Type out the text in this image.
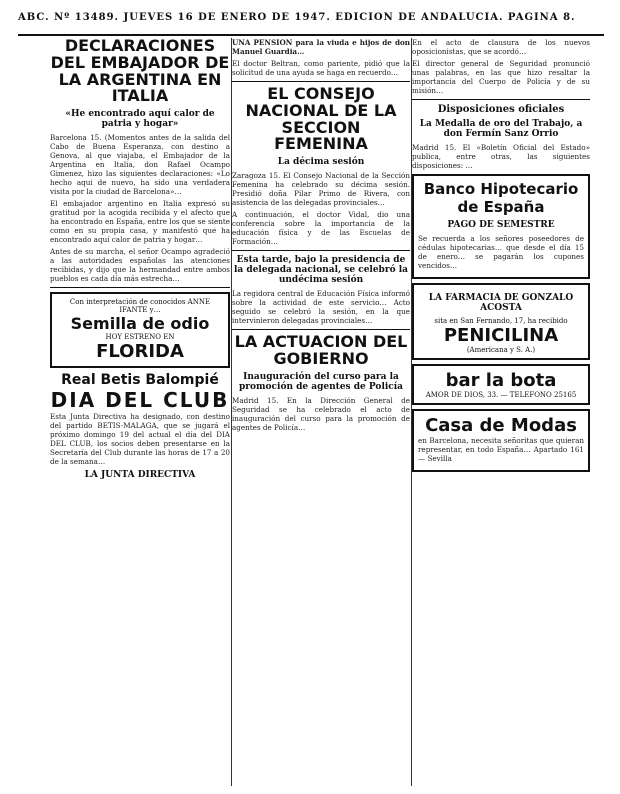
ABC. Nº 13489. JUEVES 16 DE ENERO DE 1947. EDICION DE ANDALUCIA. PAGINA 8.
DECLARACIONES DEL EMBAJADOR DE LA ARGENTINA EN ITALIA
«He encontrado aquí calor de patria y hogar»

Barcelona 15. (Momentos antes de la salida del Cabo de Buena Esperanza, con destino a Genova, al que viajaba, el Embajador de la Argentina en Italia, don Rafael Ocampo Gimenez, hizo las siguientes declaraciones: «Lo hecho aqui de nuevo, ha sido una verdadera visita por la ciudad de Barcelona»…

El embajador argentino en Italia expresó su gratitud por la acogida recibida y el afecto que ha encontrado en España, entre los que se siente como en su propia casa, y manifestó que ha encontrado aquí calor de patria y hogar…

Antes de su marcha, el señor Ocampo agradeció a las autoridades españolas las atenciones recibidas, y dijo que la hermandad entre ambos pueblos es cada día más estrecha…

Con interpretación de conocidos ANNE IFANTE y…
Semilla de odio
HOY ESTRENO EN
FLORIDA
Real Betis Balompié
DIA DEL CLUB

Esta Junta Directiva ha designado, con destino del partido BETIS-MALAGA, que se jugará el próximo domingo 19 del actual el día del DIA DEL CLUB, los socios deben presentarse en la Secretaría del Club durante las horas de 17 a 20 de la semana…

LA JUNTA DIRECTIVA

UNA PENSION para la viuda e hijos de don Manuel Guardia…

El doctor Beltran, como pariente, pidió que la solicitud de una ayuda se haga en recuerdo…

EL CONSEJO NACIONAL DE LA SECCION FEMENINA
La décima sesión

Zaragoza 15. El Consejo Nacional de la Sección Femenina ha celebrado su décima sesión. Presidió doña Pilar Primo de Rivera, con asistencia de las delegadas provinciales…

A continuación, el doctor Vidal, dio una conferencia sobre la importancia de la educación física y de las Escuelas de Formación…

Esta tarde, bajo la presidencia de la delegada nacional, se celebró la undécima sesión

La regidora central de Educación Física informó sobre la actividad de este servicio… Acto seguido se celebró la sesión, en la que intervinieron delegadas provinciales…

LA ACTUACION DEL GOBIERNO
Inauguración del curso para la promoción de agentes de Policía

Madrid 15. En la Dirección General de Seguridad se ha celebrado el acto de inauguración del curso para la promoción de agentes de Policía…

En el acto de clausura de los nuevos oposicionistas, que se acordó…

El director general de Seguridad pronunció unas palabras, en las que hizo resaltar la importancia del Cuerpo de Policía y de su misión…

Disposiciones oficiales
La Medalla de oro del Trabajo, a don Fermín Sanz Orrio

Madrid 15. El «Boletín Oficial del Estado» publica, entre otras, las siguientes disposiciones: …

Banco Hipotecario de España
PAGO DE SEMESTRE

Se recuerda a los señores poseedores de cédulas hipotecarias… que desde el día 15 de enero… se pagarán los cupones vencidos…

LA FARMACIA DE GONZALO ACOSTA
sita en San Fernando, 17, ha recibido
PENICILINA
(Americana y S. A.)
bar la bota
AMOR DE DIOS, 33. — TELEFONO 25165
Casa de Modas

en Barcelona, necesita señoritas que quieran representar, en todo España… Apartado 161 — Sevilla
